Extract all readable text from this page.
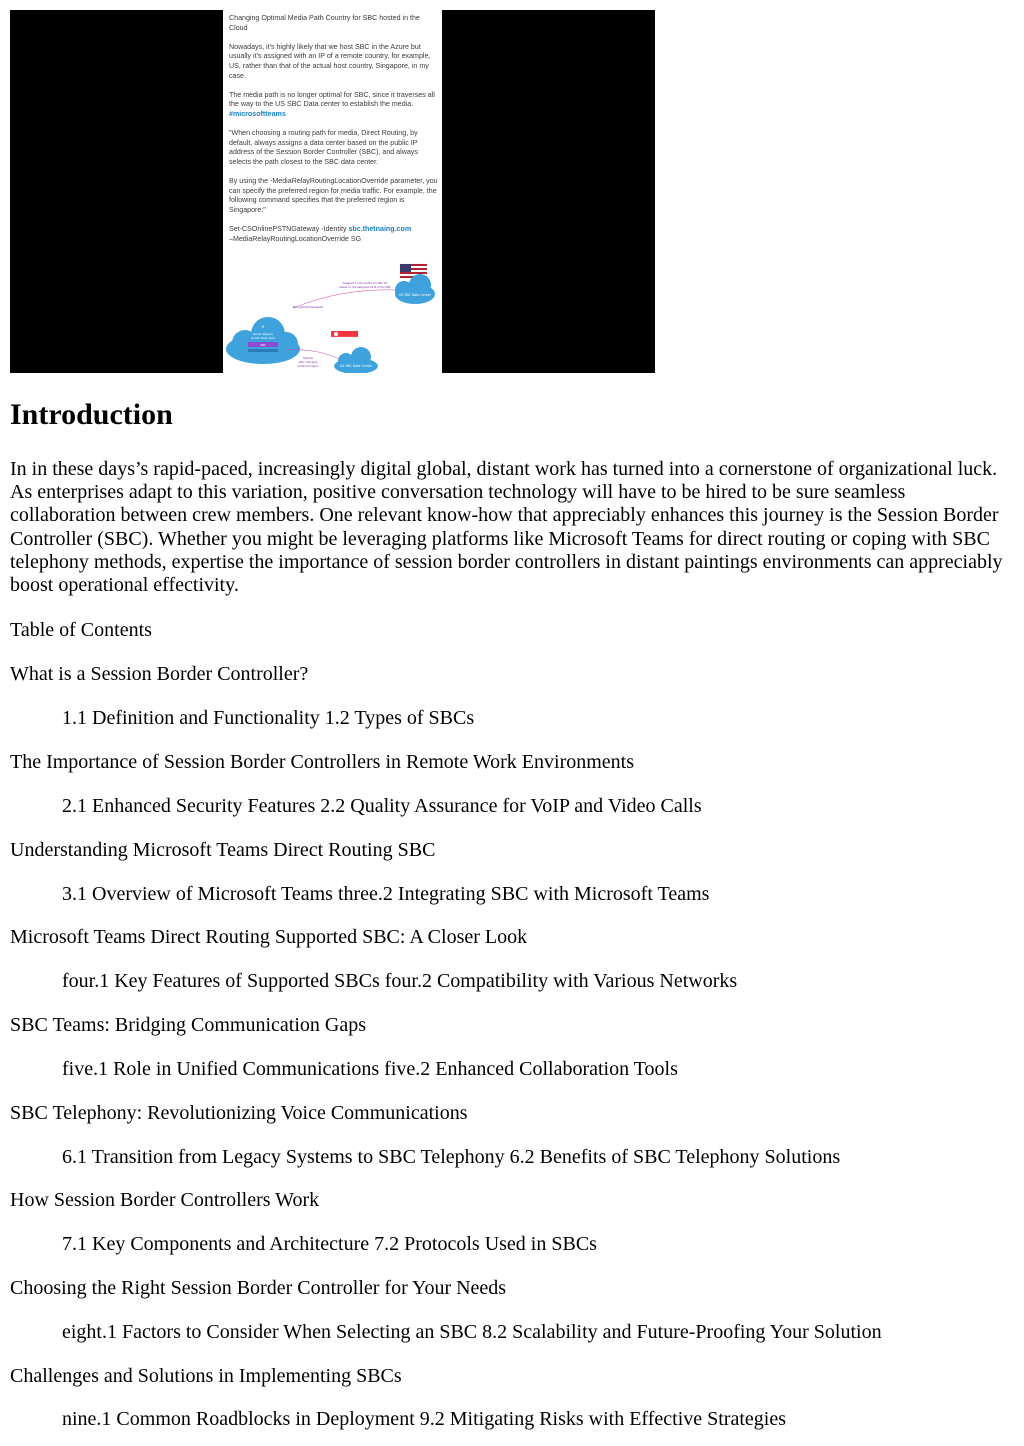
Changing Optimal Media Path Country for SBC hosted in the Cloud

Nowadays, it's highly likely that we host SBC in the Azure but usually it's assigned with an IP of a remote country, for example, US, rather than that of the actual host country, Singapore, in my case.

The media path is no longer optimal for SBC, since it traverses all the way to the US SBC Data center to establish the media.
#microsoftteams

"When choosing a routing path for media, Direct Routing, by default, always assigns a data center based on the public IP address of the Session Border Controller (SBC), and always selects the path closest to the SBC data center.

By using the -MediaRelayRoutingLocationOverride parameter, you can specify the preferred region for media traffic. For example, the following command specifies that the preferred region is Singapore:"

Set-CSOnlinePSTNGateway -Identity sbc.thetnaing.com
–MediaRelayRoutingLocationOverride SG

US SBC Data Center
Assigned to Microsoft's US SBC DC
based on the assigned US IP of the SBC
Non-optimal Mediapath
✕
Azure Region
South East Asia
SBC
Optimal
After changing
preferred region	SG SBC Data Center
Introduction

In in these days’s rapid-paced, increasingly digital global, distant work has turned into a cornerstone of organizational luck. As enterprises adapt to this variation, positive conversation technology will have to be hired to be sure seamless collaboration between crew members. One relevant know-how that appreciably enhances this journey is the Session Border Controller (SBC). Whether you might be leveraging platforms like Microsoft Teams for direct routing or coping with SBC telephony methods, expertise the importance of session border controllers in distant paintings environments can appreciably boost operational effectivity.

Table of Contents

What is a Session Border Controller?

1.1 Definition and Functionality 1.2 Types of SBCs

The Importance of Session Border Controllers in Remote Work Environments

2.1 Enhanced Security Features 2.2 Quality Assurance for VoIP and Video Calls

Understanding Microsoft Teams Direct Routing SBC

3.1 Overview of Microsoft Teams three.2 Integrating SBC with Microsoft Teams

Microsoft Teams Direct Routing Supported SBC: A Closer Look

four.1 Key Features of Supported SBCs four.2 Compatibility with Various Networks

SBC Teams: Bridging Communication Gaps

five.1 Role in Unified Communications five.2 Enhanced Collaboration Tools

SBC Telephony: Revolutionizing Voice Communications

6.1 Transition from Legacy Systems to SBC Telephony 6.2 Benefits of SBC Telephony Solutions

How Session Border Controllers Work

7.1 Key Components and Architecture 7.2 Protocols Used in SBCs

Choosing the Right Session Border Controller for Your Needs

eight.1 Factors to Consider When Selecting an SBC 8.2 Scalability and Future-Proofing Your Solution

Challenges and Solutions in Implementing SBCs

nine.1 Common Roadblocks in Deployment 9.2 Mitigating Risks with Effective Strategies
